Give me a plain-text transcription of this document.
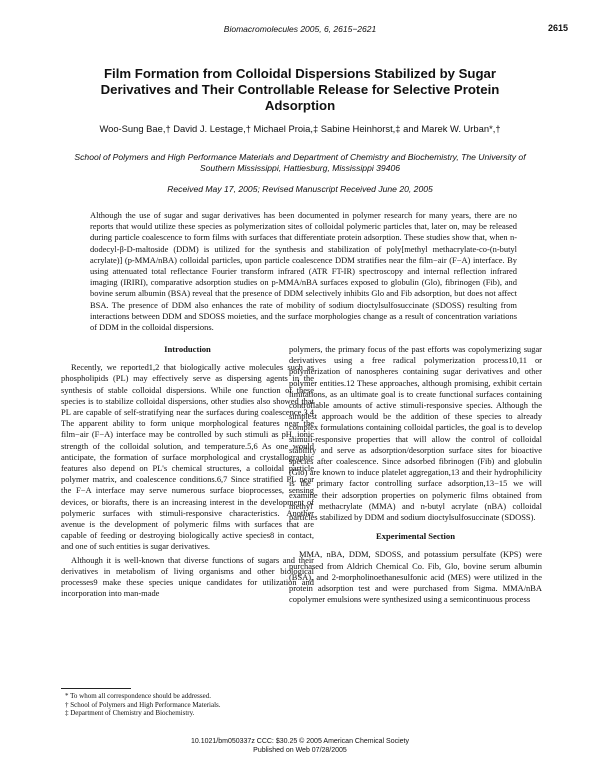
Biomacromolecules 2005, 6, 2615−2621	2615
Film Formation from Colloidal Dispersions Stabilized by Sugar Derivatives and Their Controllable Release for Selective Protein Adsorption
Woo-Sung Bae,† David J. Lestage,† Michael Proia,‡ Sabine Heinhorst,‡ and Marek W. Urban*,†
School of Polymers and High Performance Materials and Department of Chemistry and Biochemistry, The University of Southern Mississippi, Hattiesburg, Mississippi 39406
Received May 17, 2005; Revised Manuscript Received June 20, 2005
Although the use of sugar and sugar derivatives has been documented in polymer research for many years, there are no reports that would utilize these species as polymerization sites of colloidal polymeric particles that, later on, may be released during particle coalescence to form films with surfaces that differentiate protein adsorption. These studies show that, when n-dodecyl-β-D-maltoside (DDM) is utilized for the synthesis and stabilization of poly[methyl methacrylate-co-(n-butyl acrylate)] (p-MMA/nBA) colloidal particles, upon particle coalescence DDM stratifies near the film−air (F−A) interface. By using attenuated total reflectance Fourier transform infrared (ATR FT-IR) spectroscopy and internal reflection infrared imaging (IRIRI), comparative adsorption studies on p-MMA/nBA surfaces exposed to globulin (Glo), fibrinogen (Fib), and bovine serum albumin (BSA) reveal that the presence of DDM selectively inhibits Glo and Fib adsorption, but does not affect BSA. The presence of DDM also enhances the rate of mobility of sodium dioctylsulfosuccinate (SDOSS) resulting from interactions between DDM and SDOSS moieties, and the surface morphologies change as a result of concentration variations of DDM in the colloidal dispersions.
Introduction

Recently, we reported1,2 that biologically active molecules such as phospholipids (PL) may effectively serve as dispersing agents in the synthesis of stable colloidal dispersions. While one function of these species is to stabilize colloidal dispersions, other studies also showed that PL are capable of self-stratifying near the surfaces during coalescence.3,4 The apparent ability to form unique morphological features near the film−air (F−A) interface may be controlled by such stimuli as pH, ionic strength of the colloidal solution, and temperature.5,6 As one would anticipate, the formation of surface morphological and crystallographic features also depend on PL's chemical structures, a colloidal particle polymer matrix, and coalescence conditions.6,7 Since stratified PL near the F−A interface may serve numerous surface bioprocesses, sensing devices, or biorafts, there is an increasing interest in the development of polymeric surfaces with stimuli-responsive characteristics. Another avenue is the development of polymeric films with surfaces that are capable of feeding or destroying biologically active species8 in contact, and one of such entities is sugar derivatives.

Although it is well-known that diverse functions of sugars and their derivatives in metabolism of living organisms and other biological processes9 make these species unique candidates for utilization and incorporation into man-made

polymers, the primary focus of the past efforts was copolymerizing sugar derivatives using a free radical polymerization process10,11 or polymerization of nanospheres containing sugar derivatives and other polymer entities.12 These approaches, although promising, exhibit certain limitations, as an ultimate goal is to create functional surfaces containing controllable amounts of active stimuli-responsive species. Although the simplest approach would be the addition of these species to already complex formulations containing colloidal particles, the goal is to develop stimuli-responsive properties that will allow the control of colloidal stability and serve as adsorption/desorption surface sites for bioactive species after coalescence. Since adsorbed fibrinogen (Fib) and globulin (Glo) are known to induce platelet aggregation,13 and their hydrophilicity is the primary factor controlling surface adsorption,13−15 we will examine their adsorption properties on polymeric films obtained from methyl methacrylate (MMA) and n-butyl acrylate (nBA) colloidal particles stabilized by DDM and sodium dioctylsulfosuccinate (SDOSS).

Experimental Section

MMA, nBA, DDM, SDOSS, and potassium persulfate (KPS) were purchased from Aldrich Chemical Co. Fib, Glo, bovine serum albumin (BSA), and 2-morpholinoethanesulfonic acid (MES) were utilized in the protein adsorption test and were purchased from Sigma. MMA/nBA copolymer emulsions were synthesized using a semicontinuous process

* To whom all correspondence should be addressed.
† School of Polymers and High Performance Materials.
‡ Department of Chemistry and Biochemistry.
10.1021/bm050337z CCC: $30.25 © 2005 American Chemical Society
Published on Web 07/28/2005
